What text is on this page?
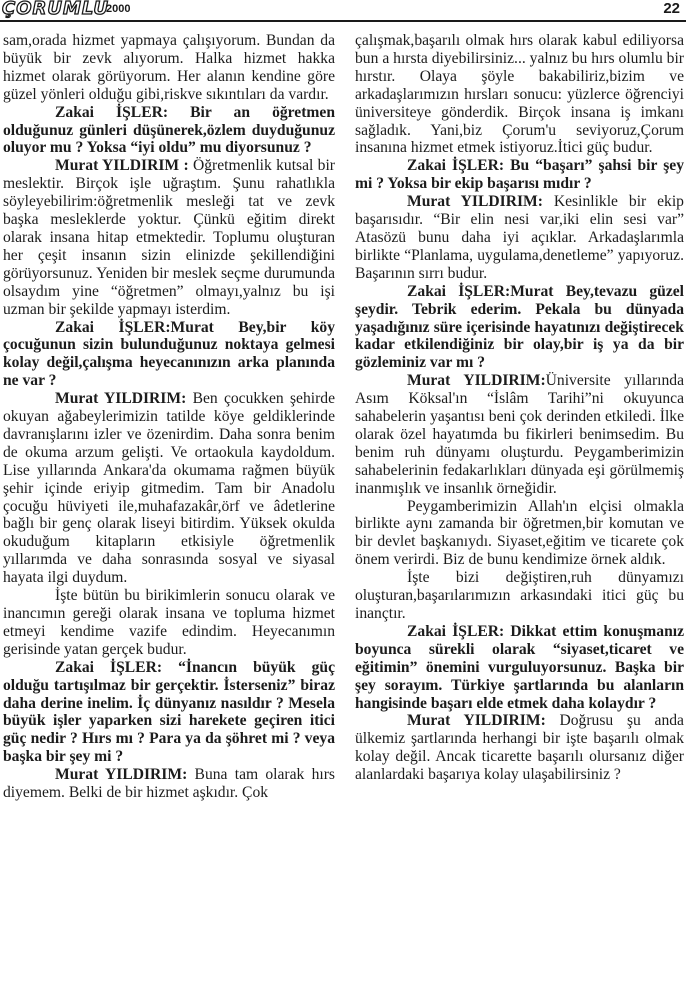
ÇORUMLU
2000	22

sam,orada hizmet yapmaya çalışıyorum. Bundan da büyük bir zevk alıyorum. Halka hizmet hakka hizmet olarak görüyorum. Her alanın kendine göre güzel yönleri olduğu gibi,riskve sıkıntıları da vardır.

Zakai İŞLER: Bir an öğretmen olduğunuz günleri düşünerek,özlem duyduğunuz oluyor mu ? Yoksa “iyi oldu” mu diyorsunuz ?

Murat YILDIRIM : Öğretmenlik kutsal bir meslektir. Birçok işle uğraştım. Şunu rahatlıkla söyleyebilirim:öğretmenlik mesleği tat ve zevk başka mesleklerde yoktur. Çünkü eğitim direkt olarak insana hitap etmektedir. Toplumu oluşturan her çeşit insanın sizin elinizde şekillendiğini görüyorsunuz. Yeniden bir meslek seçme durumunda olsaydım yine “öğretmen” olmayı,yalnız bu işi uzman bir şekilde yapmayı isterdim.

Zakai İŞLER:Murat Bey,bir köy çocuğunun sizin bulunduğunuz noktaya gelmesi kolay değil,çalışma heyecanınızın arka planında ne var ?

Murat YILDIRIM: Ben çocukken şehirde okuyan ağabeylerimizin tatilde köye geldiklerinde davranışlarını izler ve özenirdim. Daha sonra benim de okuma arzum gelişti. Ve ortaokula kaydoldum. Lise yıllarında Ankara'da okumama rağmen büyük şehir içinde eriyip gitmedim. Tam bir Anadolu çocuğu hüviyeti ile,muhafazakâr,örf ve âdetlerine bağlı bir genç olarak liseyi bitirdim. Yüksek okulda okuduğum kitapların etkisiyle öğretmenlik yıllarımda ve daha sonrasında sosyal ve siyasal hayata ilgi duydum.

İşte bütün bu birikimlerin sonucu olarak ve inancımın gereği olarak insana ve topluma hizmet etmeyi kendime vazife edindim. Heyecanımın gerisinde yatan gerçek budur.

Zakai İŞLER: “İnancın büyük güç olduğu tartışılmaz bir gerçektir. İsterseniz” biraz daha derine inelim. İç dünyanız nasıldır ? Mesela büyük işler yaparken sizi harekete geçiren itici güç nedir ? Hırs mı ? Para ya da şöhret mi ? veya başka bir şey mi ?

Murat YILDIRIM: Buna tam olarak hırs diyemem. Belki de bir hizmet aşkıdır. Çok

çalışmak,başarılı olmak hırs olarak kabul ediliyorsa bun a hırsta diyebilirsiniz... yalnız bu hırs olumlu bir hırstır. Olaya şöyle bakabiliriz,bizim ve arkadaşlarımızın hırsları sonucu: yüzlerce öğrenciyi üniversiteye gönderdik. Birçok insana iş imkanı sağladık. Yani,biz Çorum'u seviyoruz,Çorum insanına hizmet etmek istiyoruz.İtici güç budur.

Zakai İŞLER: Bu “başarı” şahsi bir şey mi ? Yoksa bir ekip başarısı mıdır ?

Murat YILDIRIM: Kesinlikle bir ekip başarısıdır. “Bir elin nesi var,iki elin sesi var” Atasözü bunu daha iyi açıklar. Arkadaşlarımla birlikte “Planlama, uygulama,denetleme” yapıyoruz. Başarının sırrı budur.

Zakai İŞLER:Murat Bey,tevazu güzel şeydir. Tebrik ederim. Pekala bu dünyada yaşadığınız süre içerisinde hayatınızı değiştirecek kadar etkilendiğiniz bir olay,bir iş ya da bir gözleminiz var mı ?

Murat YILDIRIM:Üniversite yıllarında Asım Köksal'ın “İslâm Tarihi”ni okuyunca sahabelerin yaşantısı beni çok derinden etkiledi. İlke olarak özel hayatımda bu fikirleri benimsedim. Bu benim ruh dünyamı oluşturdu. Peygamberimizin sahabelerinin fedakarlıkları dünyada eşi görülmemiş inanmışlık ve insanlık örneğidir.

Peygamberimizin Allah'ın elçisi olmakla birlikte aynı zamanda bir öğretmen,bir komutan ve bir devlet başkanıydı. Siyaset,eğitim ve ticarete çok önem verirdi. Biz de bunu kendimize örnek aldık.

İşte bizi değiştiren,ruh dünyamızı oluşturan,başarılarımızın arkasındaki itici güç bu inançtır.

Zakai İŞLER: Dikkat ettim konuşmanız boyunca sürekli olarak “siyaset,ticaret ve eğitimin” önemini vurguluyorsunuz. Başka bir şey sorayım. Türkiye şartlarında bu alanların hangisinde başarı elde etmek daha kolaydır ?

Murat YILDIRIM: Doğrusu şu anda ülkemiz şartlarında herhangi bir işte başarılı olmak kolay değil. Ancak ticarette başarılı olursanız diğer alanlardaki başarıya kolay ulaşabilirsiniz ?
